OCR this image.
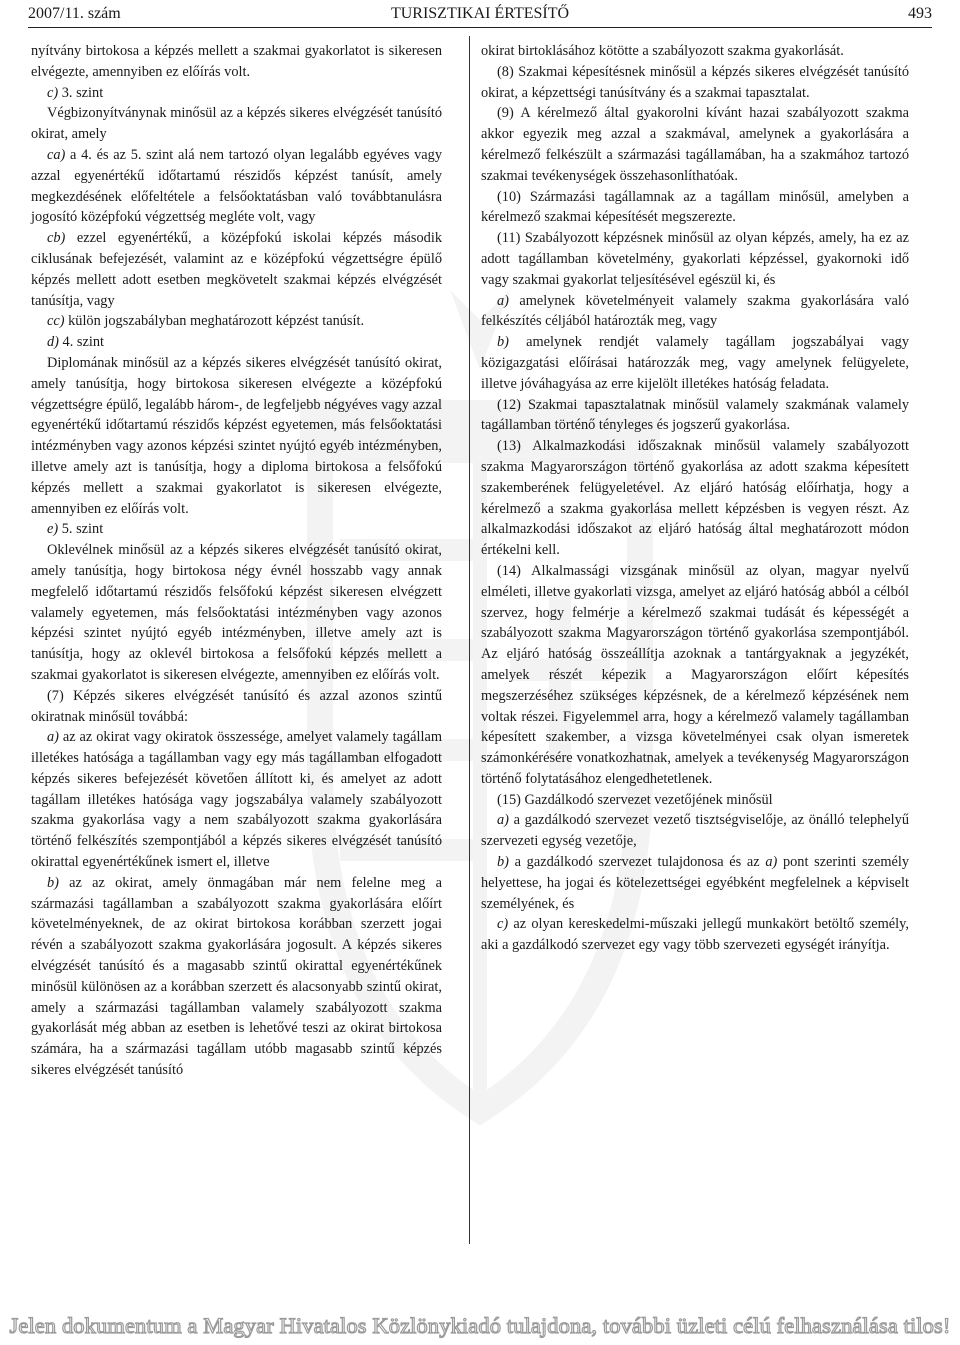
2007/11. szám	TURISZTIKAI ÉRTESÍTŐ	493

nyítvány birtokosa a képzés mellett a szakmai gyakorlatot is sikeresen elvégezte, amennyiben ez előírás volt.

c) 3. szint

Végbizonyítványnak minősül az a képzés sikeres elvégzését tanúsító okirat, amely

ca) a 4. és az 5. szint alá nem tartozó olyan legalább egyéves vagy azzal egyenértékű időtartamú részidős képzést tanúsít, amely megkezdésének előfeltétele a felsőoktatásban való továbbtanulásra jogosító középfokú végzettség megléte volt, vagy

cb) ezzel egyenértékű, a középfokú iskolai képzés második ciklusának befejezését, valamint az e középfokú végzettségre épülő képzés mellett adott esetben megkövetelt szakmai képzés elvégzését tanúsítja, vagy

cc) külön jogszabályban meghatározott képzést tanúsít.

d) 4. szint

Diplomának minősül az a képzés sikeres elvégzését tanúsító okirat, amely tanúsítja, hogy birtokosa sikeresen elvégezte a középfokú végzettségre épülő, legalább három-, de legfeljebb négyéves vagy azzal egyenértékű időtartamú részidős képzést egyetemen, más felsőoktatási intézményben vagy azonos képzési szintet nyújtó egyéb intézményben, illetve amely azt is tanúsítja, hogy a diploma birtokosa a felsőfokú képzés mellett a szakmai gyakorlatot is sikeresen elvégezte, amennyiben ez előírás volt.

e) 5. szint

Oklevélnek minősül az a képzés sikeres elvégzését tanúsító okirat, amely tanúsítja, hogy birtokosa négy évnél hosszabb vagy annak megfelelő időtartamú részidős felsőfokú képzést sikeresen elvégzett valamely egyetemen, más felsőoktatási intézményben vagy azonos képzési szintet nyújtó egyéb intézményben, illetve amely azt is tanúsítja, hogy az oklevél birtokosa a felsőfokú képzés mellett a szakmai gyakorlatot is sikeresen elvégezte, amennyiben ez előírás volt.

(7) Képzés sikeres elvégzését tanúsító és azzal azonos szintű okiratnak minősül továbbá:

a) az az okirat vagy okiratok összessége, amelyet valamely tagállam illetékes hatósága a tagállamban vagy egy más tagállamban elfogadott képzés sikeres befejezését követően állított ki, és amelyet az adott tagállam illetékes hatósága vagy jogszabálya valamely szabályozott szakma gyakorlása vagy a nem szabályozott szakma gyakorlására történő felkészítés szempontjából a képzés sikeres elvégzését tanúsító okirattal egyenértékűnek ismert el, illetve

b) az az okirat, amely önmagában már nem felelne meg a származási tagállamban a szabályozott szakma gyakorlására előírt követelményeknek, de az okirat birtokosa korábban szerzett jogai révén a szabályozott szakma gyakorlására jogosult. A képzés sikeres elvégzését tanúsító és a magasabb szintű okirattal egyenértékűnek minősül különösen az a korábban szerzett és alacsonyabb szintű okirat, amely a származási tagállamban valamely szabályozott szakma gyakorlását még abban az esetben is lehetővé teszi az okirat birtokosa számára, ha a származási tagállam utóbb magasabb szintű képzés sikeres elvégzését tanúsító

okirat birtoklásához kötötte a szabályozott szakma gyakorlását.

(8) Szakmai képesítésnek minősül a képzés sikeres elvégzését tanúsító okirat, a képzettségi tanúsítvány és a szakmai tapasztalat.

(9) A kérelmező által gyakorolni kívánt hazai szabályozott szakma akkor egyezik meg azzal a szakmával, amelynek a gyakorlására a kérelmező felkészült a származási tagállamában, ha a szakmához tartozó szakmai tevékenységek összehasonlíthatóak.

(10) Származási tagállamnak az a tagállam minősül, amelyben a kérelmező szakmai képesítését megszerezte.

(11) Szabályozott képzésnek minősül az olyan képzés, amely, ha ez az adott tagállamban követelmény, gyakorlati képzéssel, gyakornoki idő vagy szakmai gyakorlat teljesítésével egészül ki, és

a) amelynek követelményeit valamely szakma gyakorlására való felkészítés céljából határozták meg, vagy

b) amelynek rendjét valamely tagállam jogszabályai vagy közigazgatási előírásai határozzák meg, vagy amelynek felügyelete, illetve jóváhagyása az erre kijelölt illetékes hatóság feladata.

(12) Szakmai tapasztalatnak minősül valamely szakmának valamely tagállamban történő tényleges és jogszerű gyakorlása.

(13) Alkalmazkodási időszaknak minősül valamely szabályozott szakma Magyarországon történő gyakorlása az adott szakma képesített szakemberének felügyeletével. Az eljáró hatóság előírhatja, hogy a kérelmező a szakma gyakorlása mellett képzésben is vegyen részt. Az alkalmazkodási időszakot az eljáró hatóság által meghatározott módon értékelni kell.

(14) Alkalmassági vizsgának minősül az olyan, magyar nyelvű elméleti, illetve gyakorlati vizsga, amelyet az eljáró hatóság abból a célból szervez, hogy felmérje a kérelmező szakmai tudását és képességét a szabályozott szakma Magyarországon történő gyakorlása szempontjából. Az eljáró hatóság összeállítja azoknak a tantárgyaknak a jegyzékét, amelyek részét képezik a Magyarországon előírt képesítés megszerzéséhez szükséges képzésnek, de a kérelmező képzésének nem voltak részei. Figyelemmel arra, hogy a kérelmező valamely tagállamban képesített szakember, a vizsga követelményei csak olyan ismeretek számonkérésére vonatkozhatnak, amelyek a tevékenység Magyarországon történő folytatásához elengedhetetlenek.

(15) Gazdálkodó szervezet vezetőjének minősül

a) a gazdálkodó szervezet vezető tisztségviselője, az önálló telephelyű szervezeti egység vezetője,

b) a gazdálkodó szervezet tulajdonosa és az a) pont szerinti személy helyettese, ha jogai és kötelezettségei egyébként megfelelnek a képviselt személyének, és

c) az olyan kereskedelmi-műszaki jellegű munkakört betöltő személy, aki a gazdálkodó szervezet egy vagy több szervezeti egységét irányítja.

Jelen dokumentum a Magyar Hivatalos Közlönykiadó tulajdona, további üzleti célú felhasználása tilos!
